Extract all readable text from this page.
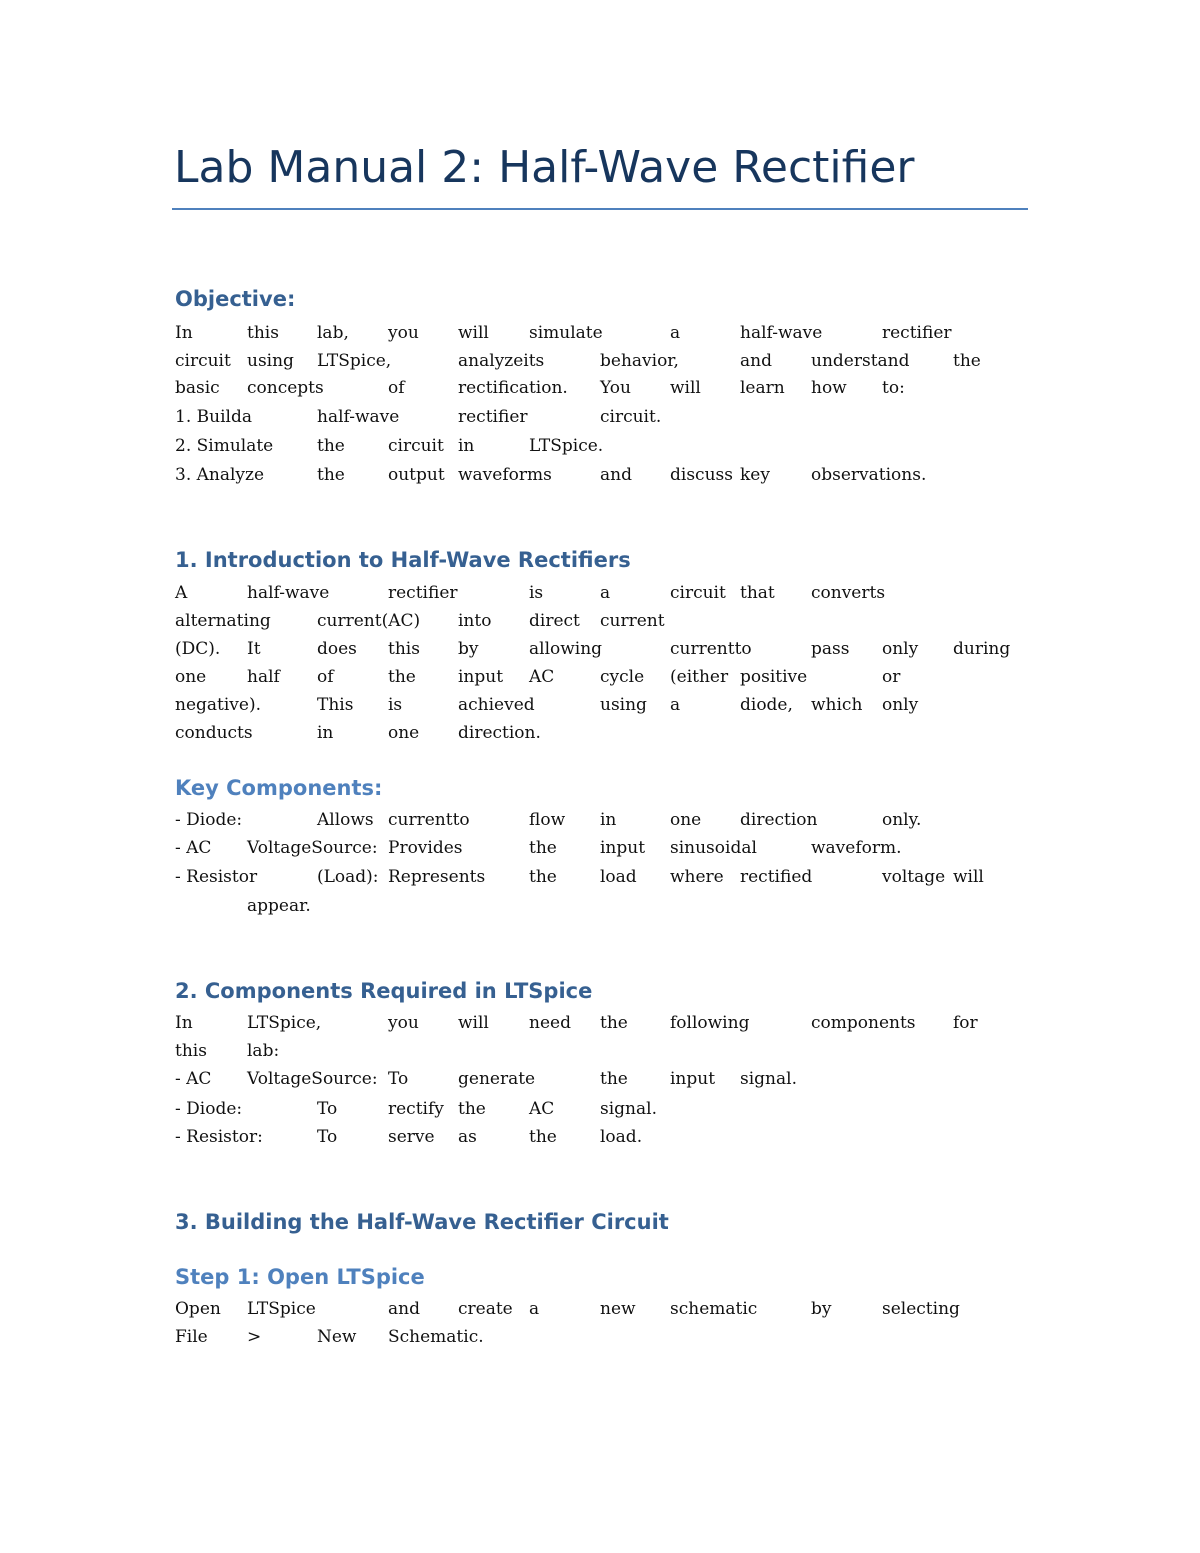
Lab Manual 2: Half-Wave Rectifier
Objective:
In	this lab, you will simulate	a	half-wave	rectifier
circuit using LTSpice,	analyzeits	behavior,	and understand	the
basic concepts	of	rectification. You will learn how to:
1. Builda	half-wave	rectifier	circuit.
2. Simulate	the	circuit in	LTSpice.
3. Analyze	the	output waveforms	and discuss key observations.
1. Introduction to Half-Wave Rectifiers
A	half-wave	rectifier	is	a	circuit that converts
alternating	current(AC) into direct current
(DC). It	does this by	allowing	currentto	pass only during
one half of	the input AC	cycle (either positive	or
negative).	This is	achieved	using a	diode, which only
conducts	in	one direction.
Key Components:
- Diode:	Allows currentto	flow in	one direction	only.
- AC VoltageSource: Provides	the	input sinusoidal	waveform.
- Resistor	(Load): Represents	the	load where rectified	voltage will
appear.
2. Components Required in LTSpice
In	LTSpice,	you will need the following	components for
this lab:
- AC VoltageSource: To	generate	the input signal.
- Diode:	To	rectify the	AC	signal.
- Resistor:	To	serve as	the	load.
3. Building the Half-Wave Rectifier Circuit
Step 1: Open LTSpice
Open LTSpice	and create a	new schematic	by	selecting
File >	New Schematic.
